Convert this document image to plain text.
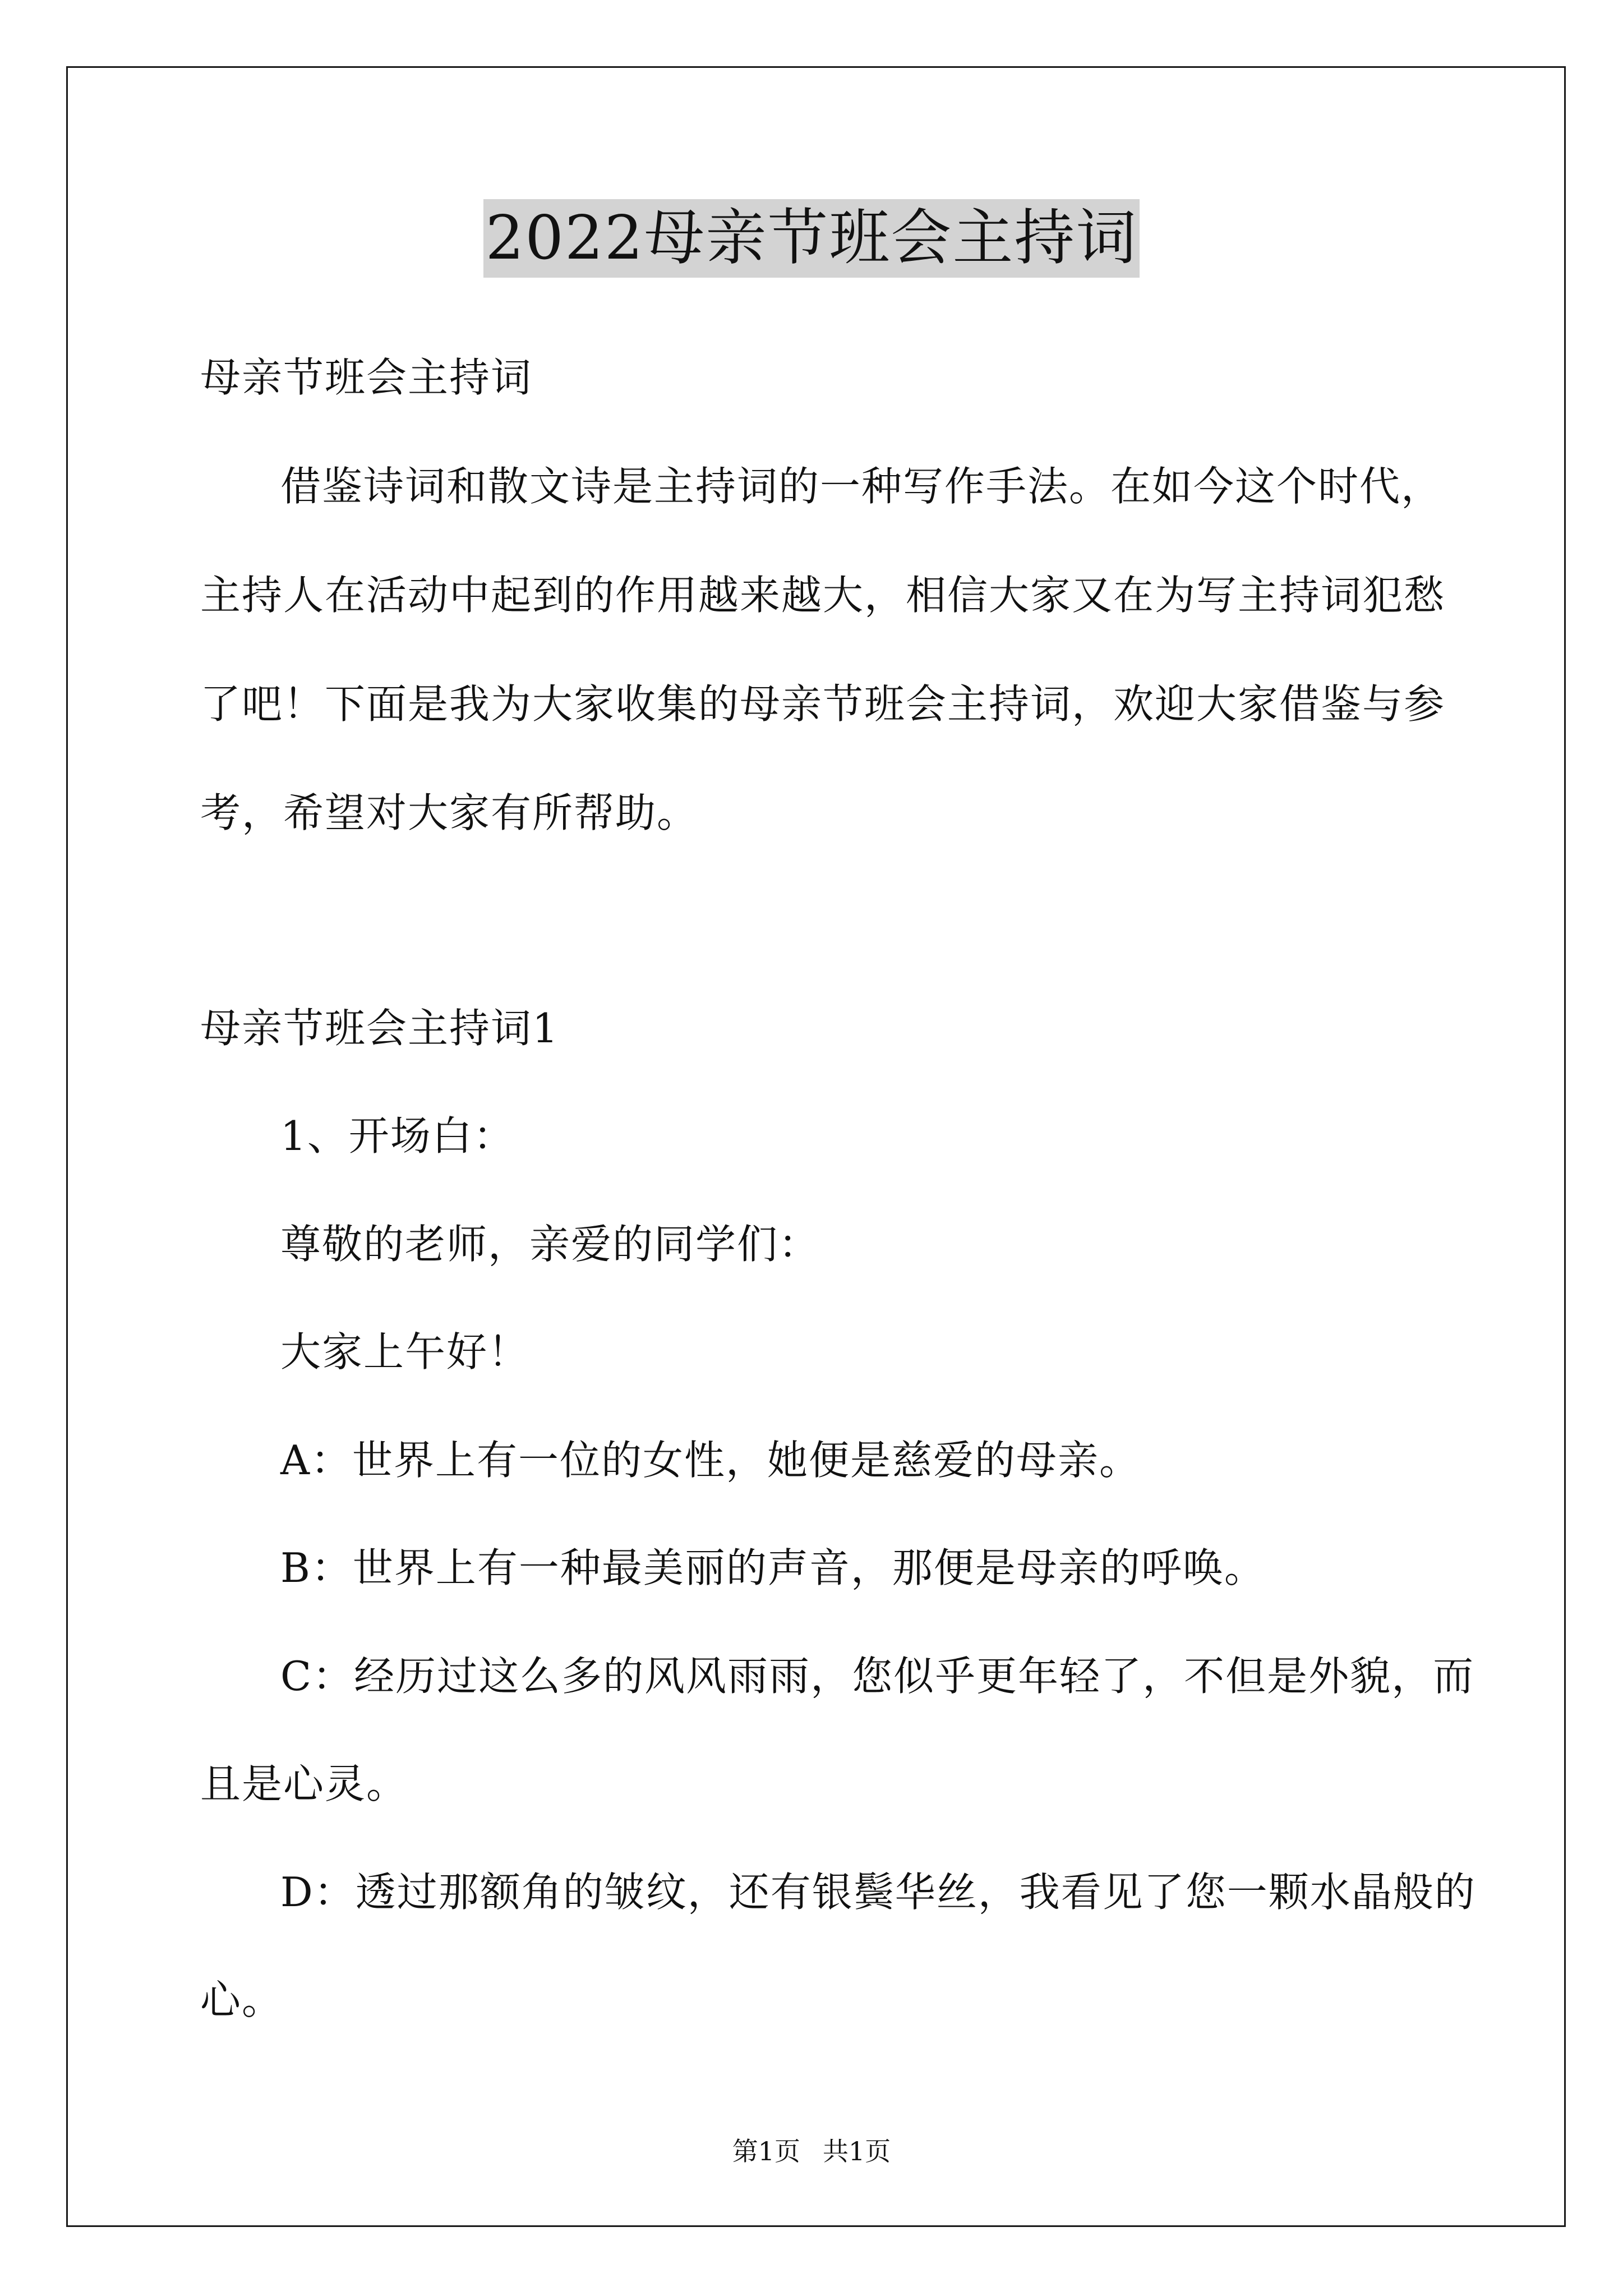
2022母亲节班会主持词
母亲节班会主持词
借鉴诗词和散文诗是主持词的一种写作手法。在如今这个时代，
主持人在活动中起到的作用越来越大，相信大家又在为写主持词犯愁
了吧！下面是我为大家收集的母亲节班会主持词，欢迎大家借鉴与参
考，希望对大家有所帮助。
母亲节班会主持词1
1、开场白：
尊敬的老师，亲爱的同学们：
大家上午好！
A：世界上有一位的女性，她便是慈爱的母亲。
B：世界上有一种最美丽的声音，那便是母亲的呼唤。
C：经历过这么多的风风雨雨，您似乎更年轻了，不但是外貌，而
且是心灵。
D：透过那额角的皱纹，还有银鬓华丝，我看见了您一颗水晶般的
心。
第1页 共1页
